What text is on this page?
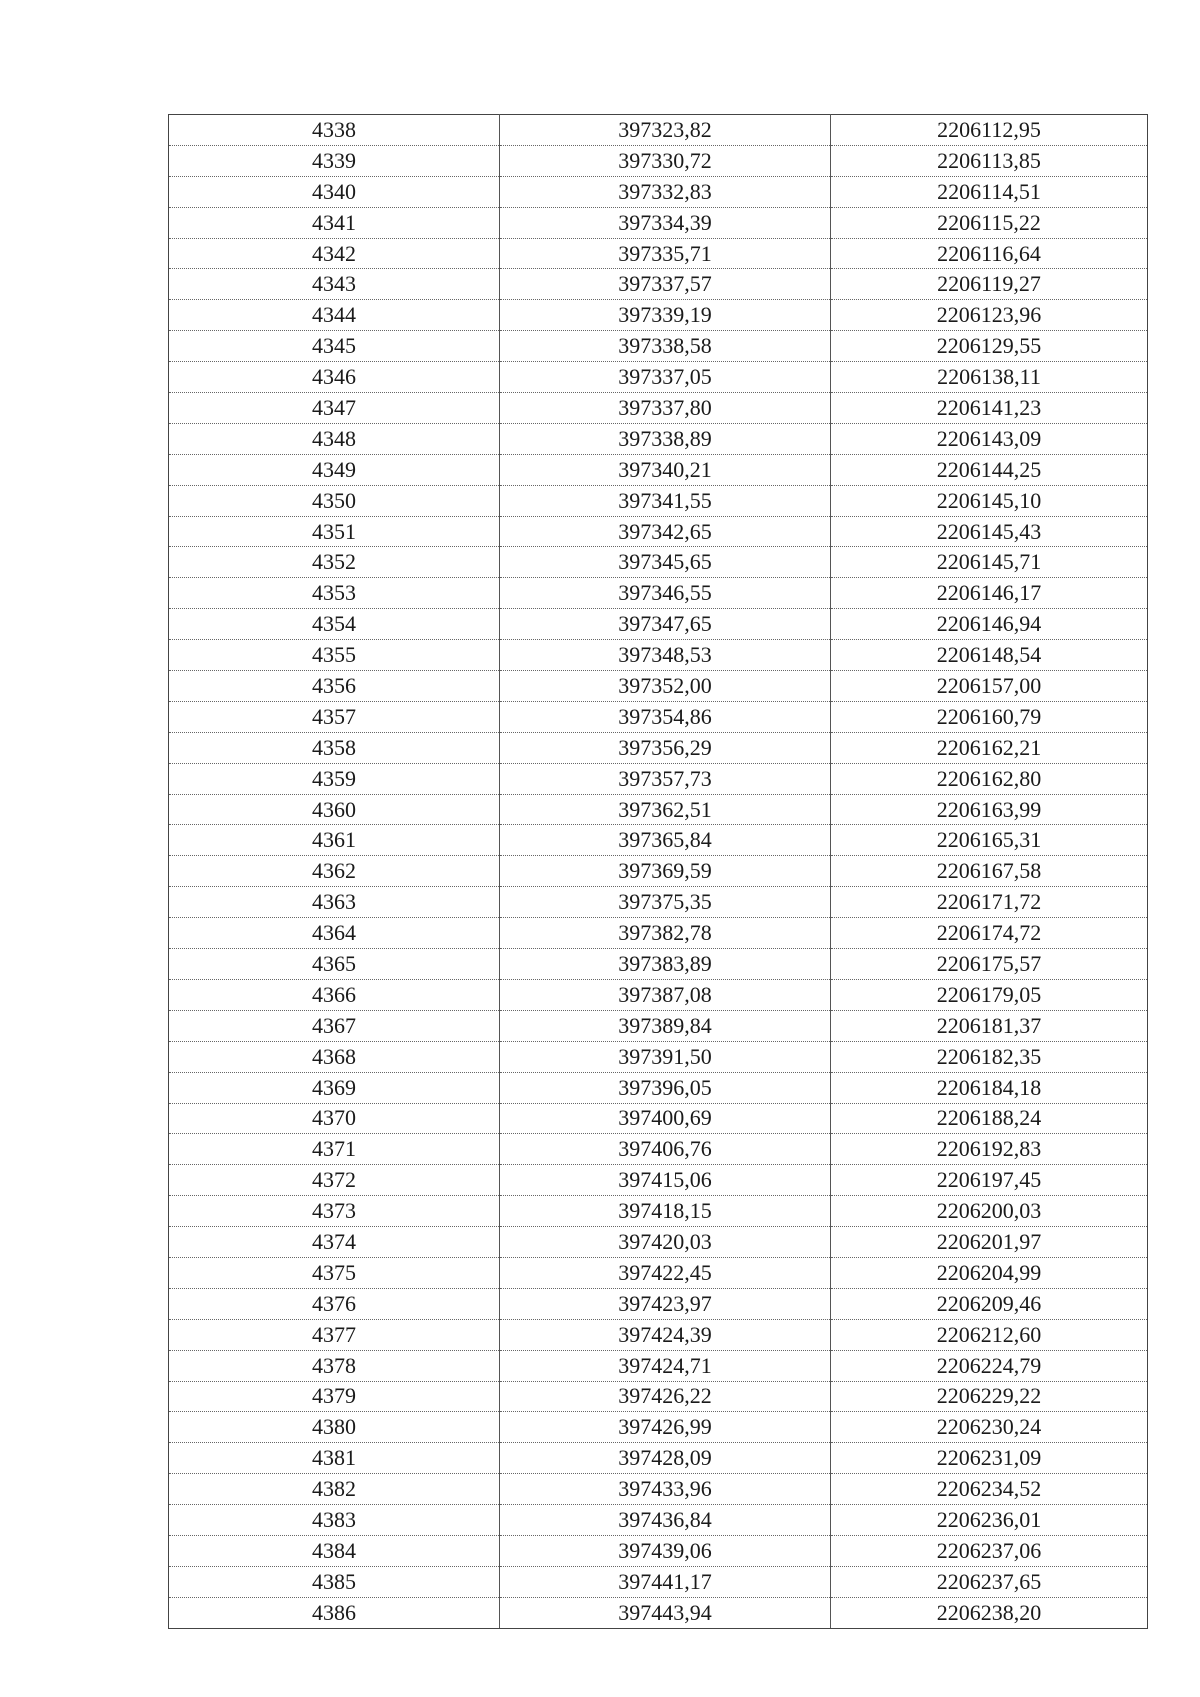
4338	397323,82	2206112,95
4339	397330,72	2206113,85
4340	397332,83	2206114,51
4341	397334,39	2206115,22
4342	397335,71	2206116,64
4343	397337,57	2206119,27
4344	397339,19	2206123,96
4345	397338,58	2206129,55
4346	397337,05	2206138,11
4347	397337,80	2206141,23
4348	397338,89	2206143,09
4349	397340,21	2206144,25
4350	397341,55	2206145,10
4351	397342,65	2206145,43
4352	397345,65	2206145,71
4353	397346,55	2206146,17
4354	397347,65	2206146,94
4355	397348,53	2206148,54
4356	397352,00	2206157,00
4357	397354,86	2206160,79
4358	397356,29	2206162,21
4359	397357,73	2206162,80
4360	397362,51	2206163,99
4361	397365,84	2206165,31
4362	397369,59	2206167,58
4363	397375,35	2206171,72
4364	397382,78	2206174,72
4365	397383,89	2206175,57
4366	397387,08	2206179,05
4367	397389,84	2206181,37
4368	397391,50	2206182,35
4369	397396,05	2206184,18
4370	397400,69	2206188,24
4371	397406,76	2206192,83
4372	397415,06	2206197,45
4373	397418,15	2206200,03
4374	397420,03	2206201,97
4375	397422,45	2206204,99
4376	397423,97	2206209,46
4377	397424,39	2206212,60
4378	397424,71	2206224,79
4379	397426,22	2206229,22
4380	397426,99	2206230,24
4381	397428,09	2206231,09
4382	397433,96	2206234,52
4383	397436,84	2206236,01
4384	397439,06	2206237,06
4385	397441,17	2206237,65
4386	397443,94	2206238,20
